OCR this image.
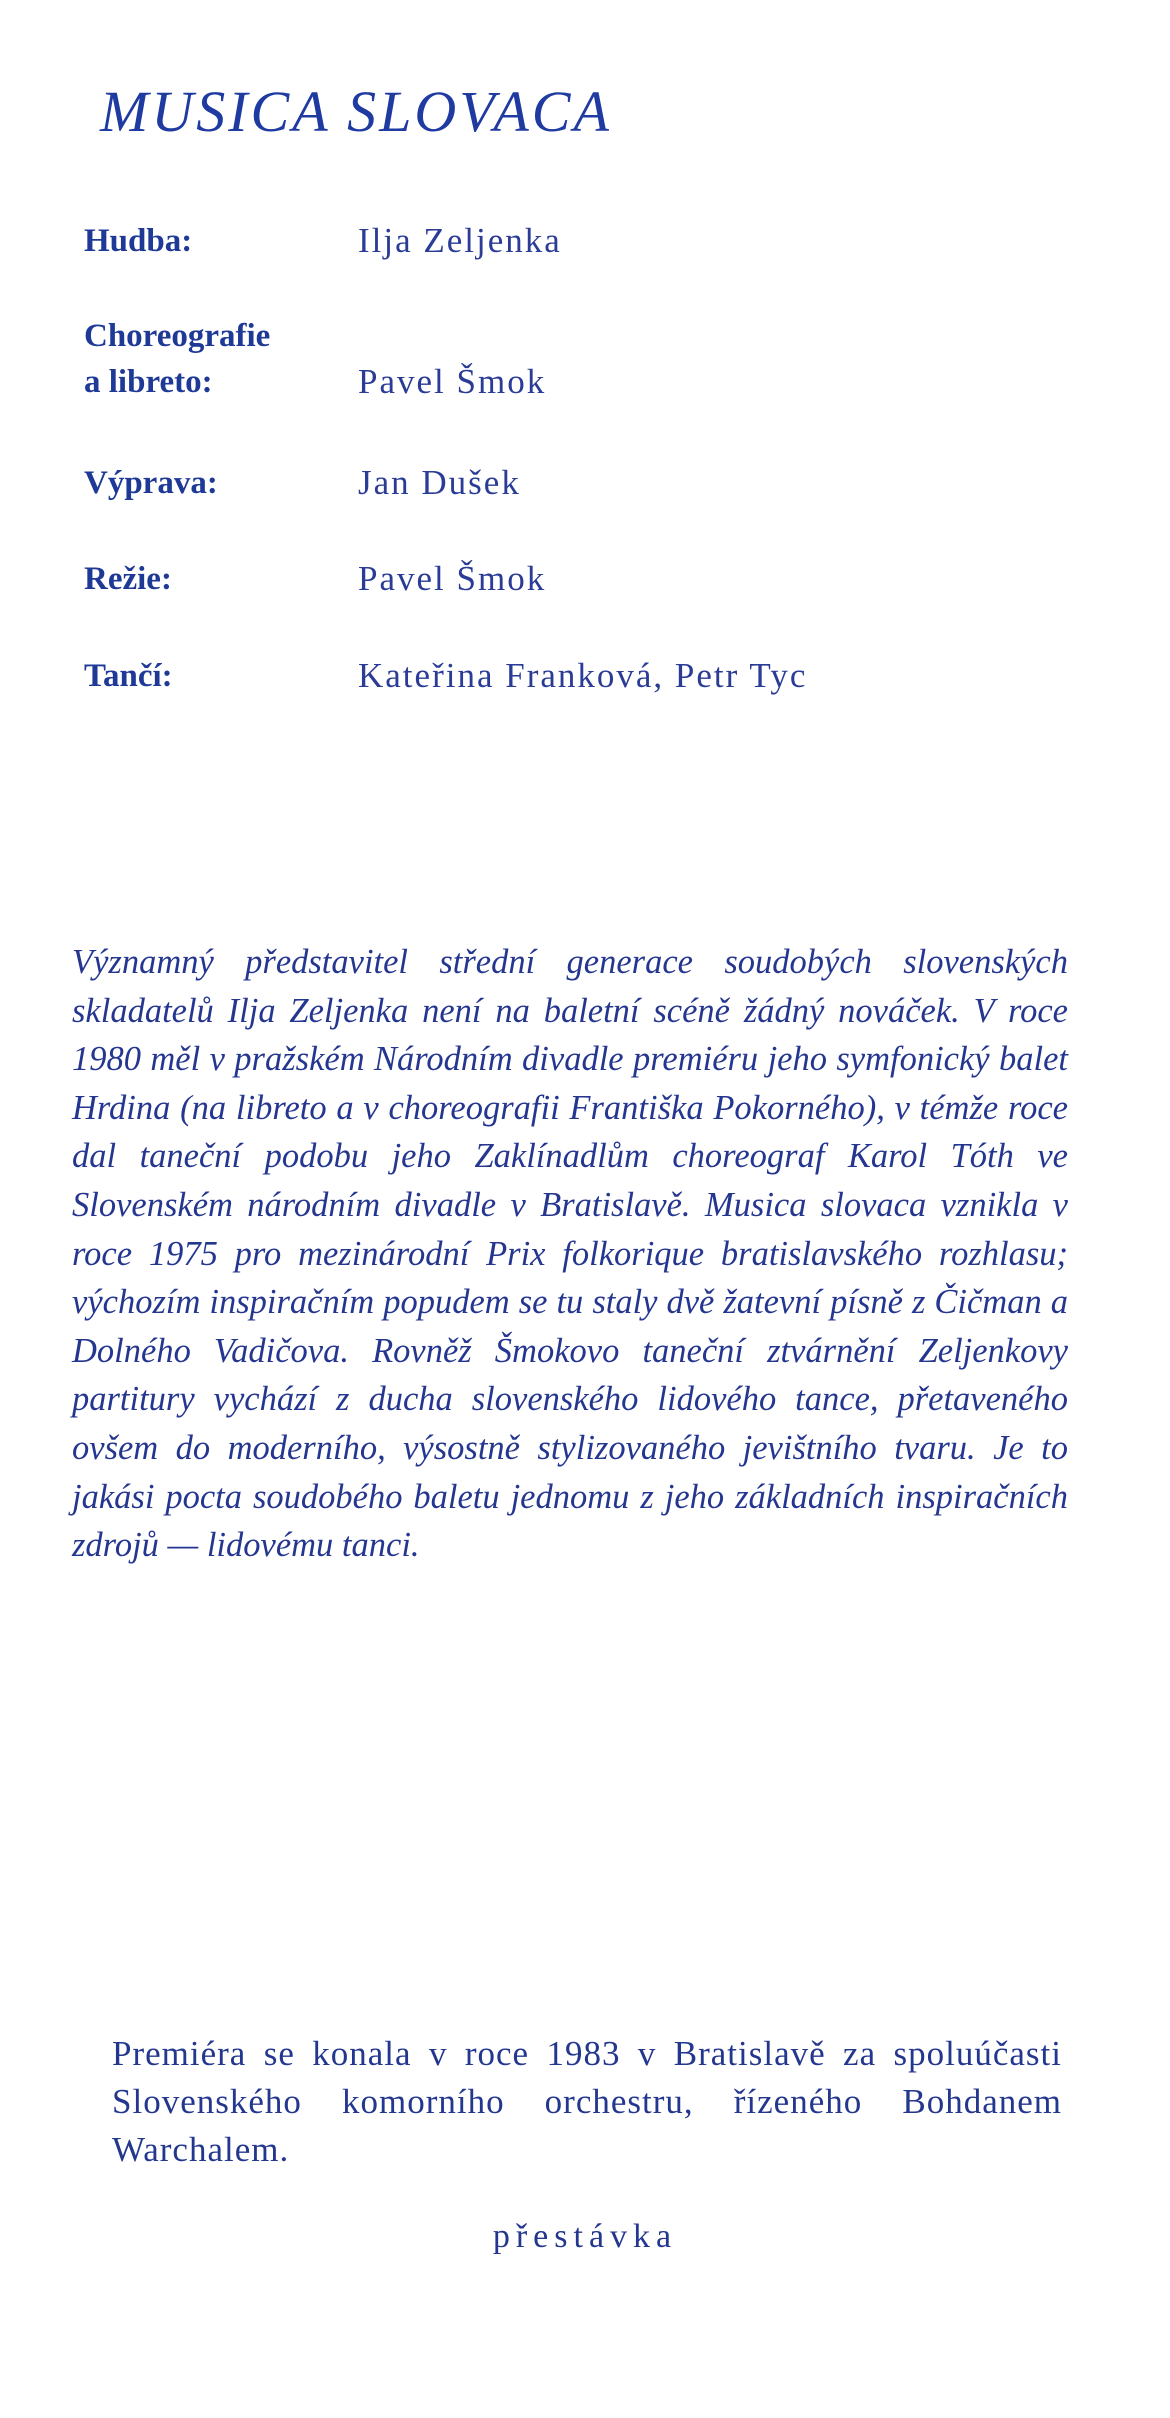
MUSICA SLOVACA
Hudba:	Ilja Zeljenka
Choreografie
a libreto:	Pavel Šmok
Výprava:	Jan Dušek
Režie:	Pavel Šmok
Tančí:	Kateřina Franková, Petr Tyc

Významný představitel střední generace soudobých slovenských skladatelů Ilja Zeljenka není na baletní scéně žádný nováček. V roce 1980 měl v pražském Národním divadle premiéru jeho symfonický balet Hrdina (na libreto a v choreografii Františka Pokorného), v témže roce dal taneční podobu jeho Zaklínadlům choreograf Karol Tóth ve Slovenském národním divadle v Bratislavě. Musica slovaca vznikla v roce 1975 pro mezinárodní Prix folkorique bratislavského rozhlasu; výchozím inspiračním popudem se tu staly dvě žatevní písně z Čičman a Dolného Vadičova. Rovněž Šmokovo taneční ztvárnění Zeljenkovy partitury vychází z ducha slovenského lidového tance, přetaveného ovšem do moderního, výsostně stylizovaného jevištního tvaru. Je to jakási pocta soudobého baletu jednomu z jeho základních inspiračních zdrojů — lidovému tanci.

Premiéra se konala v roce 1983 v Bratislavě za spoluúčasti Slovenského komorního orchestru, řízeného Bohdanem Warchalem.

přestávka
